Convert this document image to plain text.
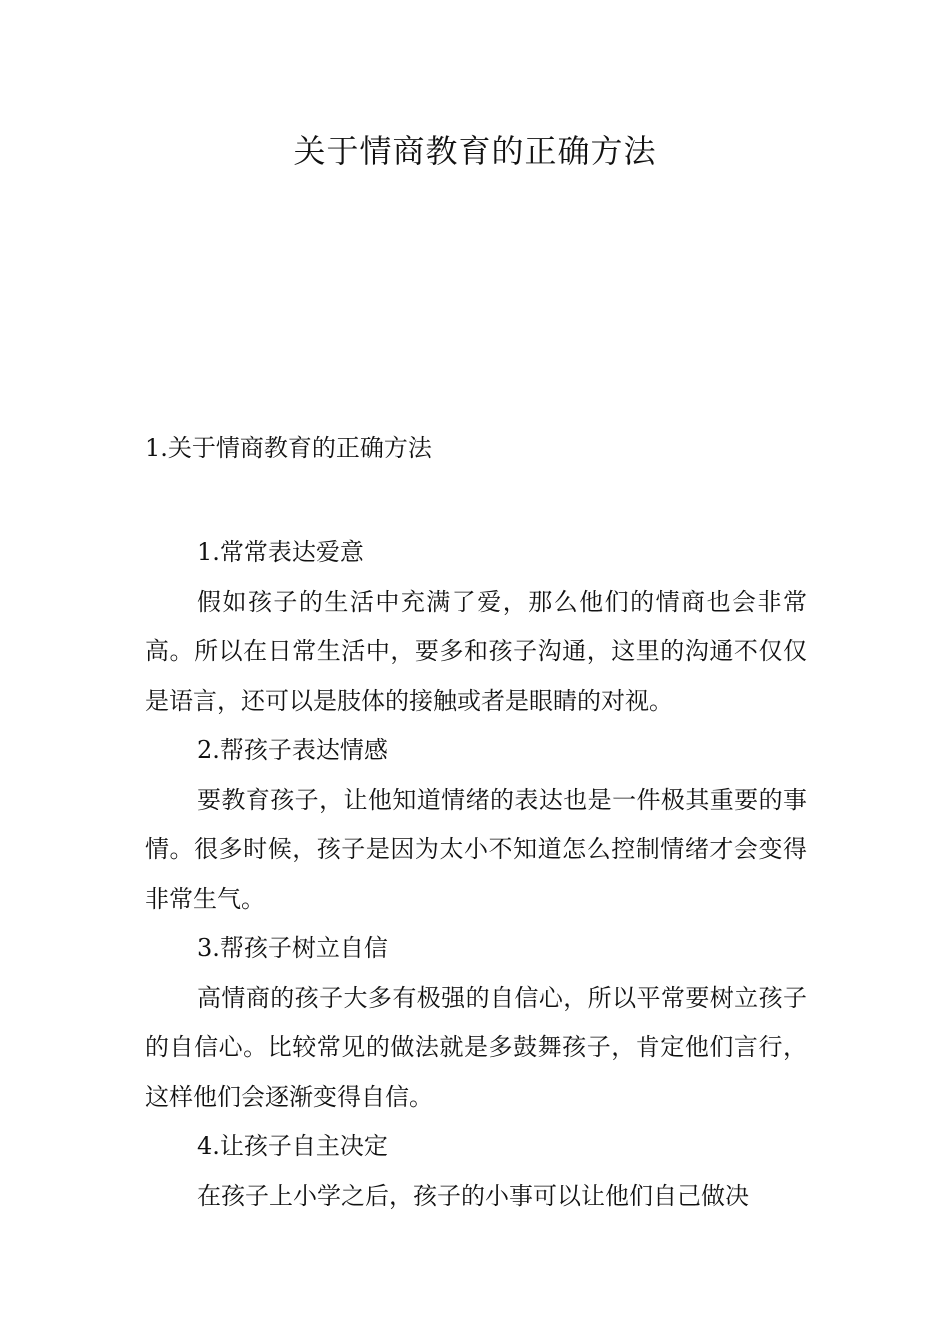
关于情商教育的正确方法
1.关于情商教育的正确方法

1.常常表达爱意

假如孩子的生活中充满了爱，那么他们的情商也会非常高。所以在日常生活中，要多和孩子沟通，这里的沟通不仅仅是语言，还可以是肢体的接触或者是眼睛的对视。

2.帮孩子表达情感

要教育孩子，让他知道情绪的表达也是一件极其重要的事情。很多时候，孩子是因为太小不知道怎么控制情绪才会变得非常生气。

3.帮孩子树立自信

高情商的孩子大多有极强的自信心，所以平常要树立孩子的自信心。比较常见的做法就是多鼓舞孩子，肯定他们言行，这样他们会逐渐变得自信。

4.让孩子自主决定

在孩子上小学之后，孩子的小事可以让他们自己做决
